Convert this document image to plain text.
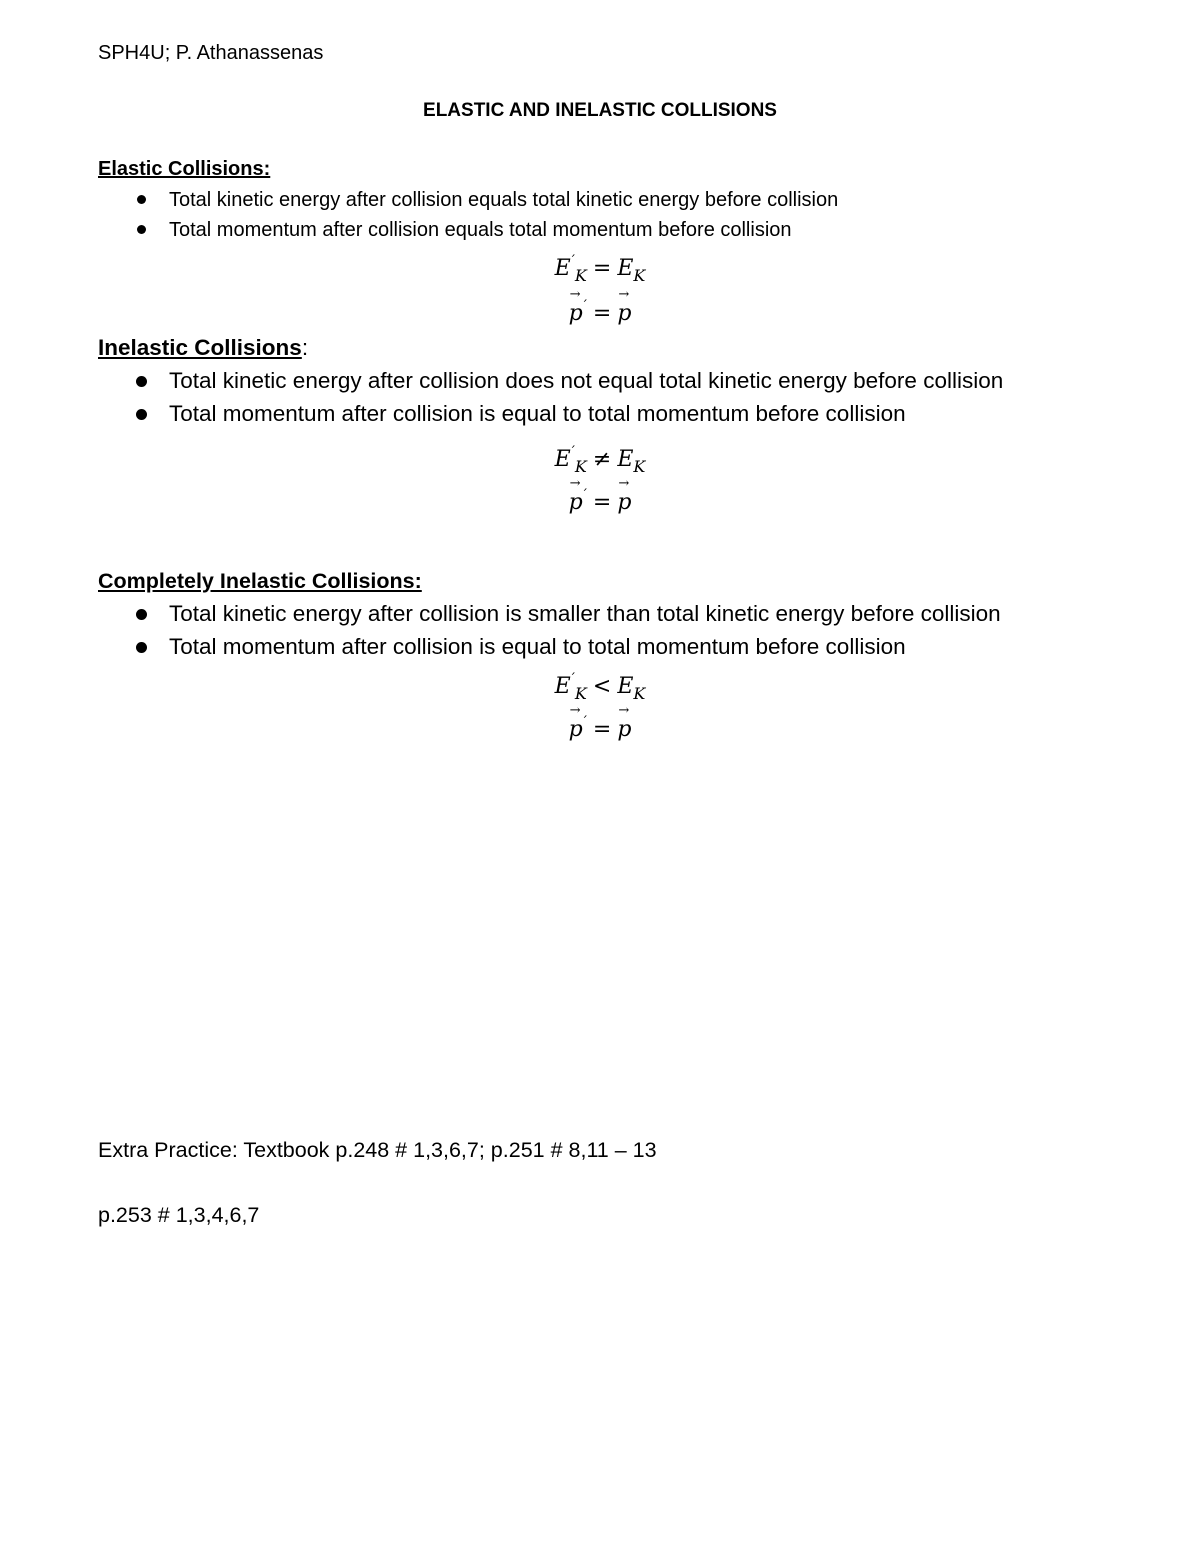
SPH4U; P. Athanassenas
ELASTIC AND INELASTIC COLLISIONS
Elastic Collisions:
Total kinetic energy after collision equals total kinetic energy before collision
Total momentum after collision equals total momentum before collision
$E'_K = E_K$
→ p′ = → p
Inelastic Collisions:
Total kinetic energy after collision does not equal total kinetic energy before collision
Total momentum after collision is equal to total momentum before collision
$E'_K \ne E_K$
→ p′ = → p
Completely Inelastic Collisions:
Total kinetic energy after collision is smaller than total kinetic energy before collision
Total momentum after collision is equal to total momentum before collision
$E'_K < E_K$
→ p′ = → p
Extra Practice: Textbook p.248 # 1,3,6,7; p.251 # 8,11 – 13
p.253 # 1,3,4,6,7
